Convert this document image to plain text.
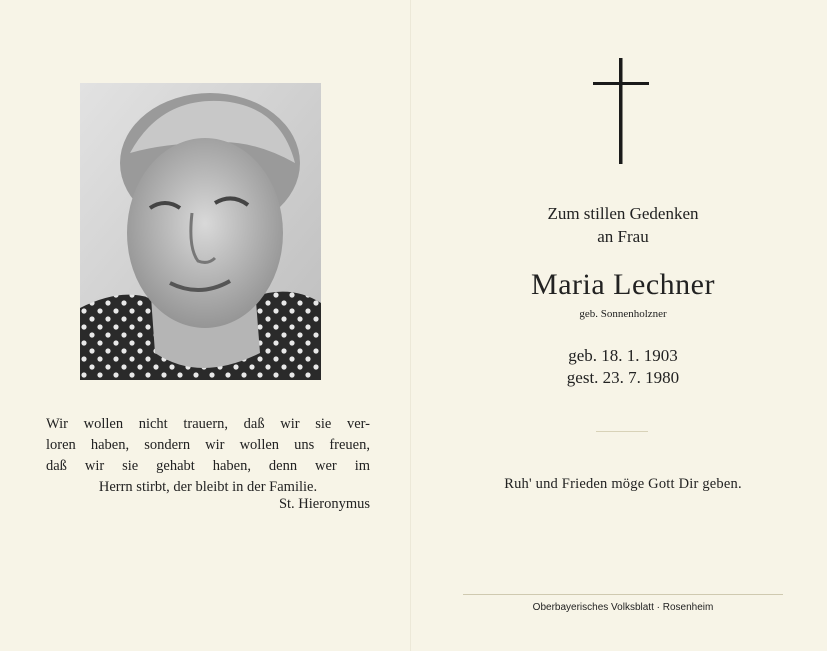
Wir wollen nicht trauern, daß wir sie ver-

loren haben, sondern wir wollen uns freuen,

daß wir sie gehabt haben, denn wer im

Herrn stirbt, der bleibt in der Familie.

St. Hieronymus
Zum stillen Gedenken
an Frau
Maria Lechner
geb. Sonnenholzner
geb. 18. 1. 1903
gest. 23. 7. 1980
Ruh' und Frieden möge Gott Dir geben.
Oberbayerisches Volksblatt · Rosenheim
